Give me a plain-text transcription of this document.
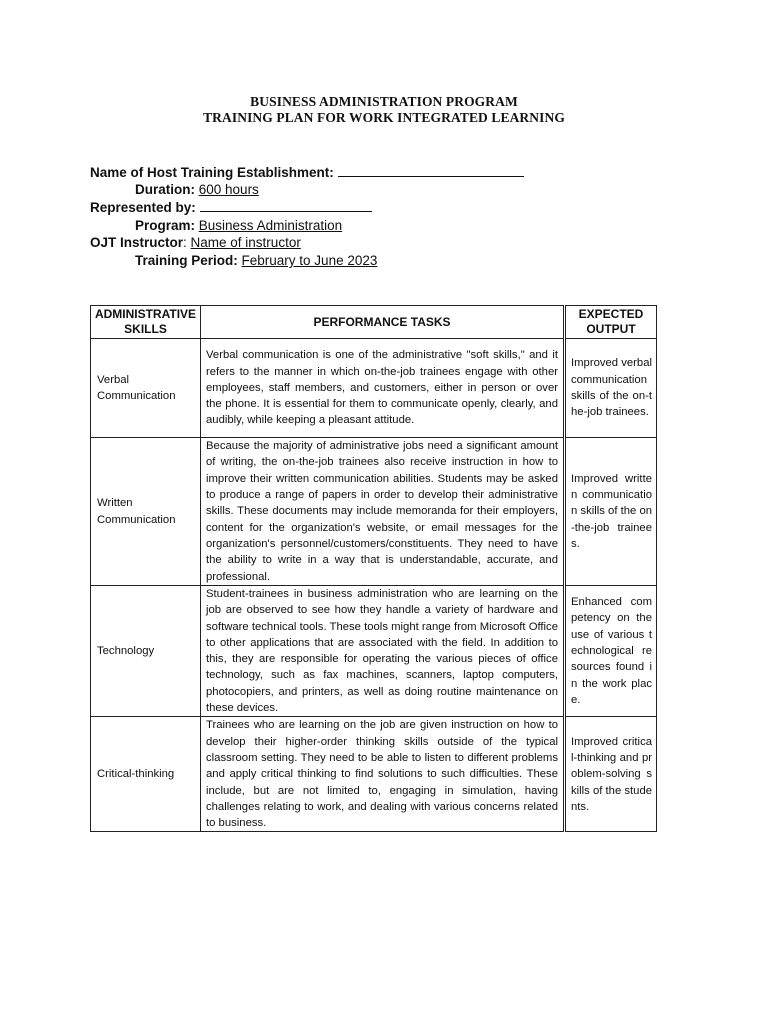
BUSINESS ADMINISTRATION PROGRAM
TRAINING PLAN FOR WORK INTEGRATED LEARNING
Name of Host Training Establishment:
Duration: 600 hours
Represented by:
Program: Business Administration
OJT Instructor: Name of instructor
Training Period: February to June 2023
ADMINISTRATIVE SKILLS	PERFORMANCE TASKS	EXPECTED OUTPUT
Verbal Communication	Verbal communication is one of the administrative "soft skills," and it refers to the manner in which on-the-job trainees engage with other employees, staff members, and customers, either in person or over the phone. It is essential for them to communicate openly, clearly, and audibly, while keeping a pleasant attitude.	Improved verbal communication skills of the on-the-job trainees.
Written Communication	Because the majority of administrative jobs need a significant amount of writing, the on-the-job trainees also receive instruction in how to improve their written communication abilities. Students may be asked to produce a range of papers in order to develop their administrative skills. These documents may include memoranda for their employers, content for the organization's website, or email messages for the organization's personnel/customers/constituents. They need to have the ability to write in a way that is understandable, accurate, and professional.	Improved written communication skills of the on-the-job trainees.
Technology	Student-trainees in business administration who are learning on the job are observed to see how they handle a variety of hardware and software technical tools. These tools might range from Microsoft Office to other applications that are associated with the field. In addition to this, they are responsible for operating the various pieces of office technology, such as fax machines, scanners, laptop computers, photocopiers, and printers, as well as doing routine maintenance on these devices.	Enhanced competency on the use of various technological resources found in the work place.
Critical-thinking	Trainees who are learning on the job are given instruction on how to develop their higher-order thinking skills outside of the typical classroom setting. They need to be able to listen to different problems and apply critical thinking to find solutions to such difficulties. These include, but are not limited to, engaging in simulation, having challenges relating to work, and dealing with various concerns related to business.	Improved critical-thinking and problem-solving skills of the students.
